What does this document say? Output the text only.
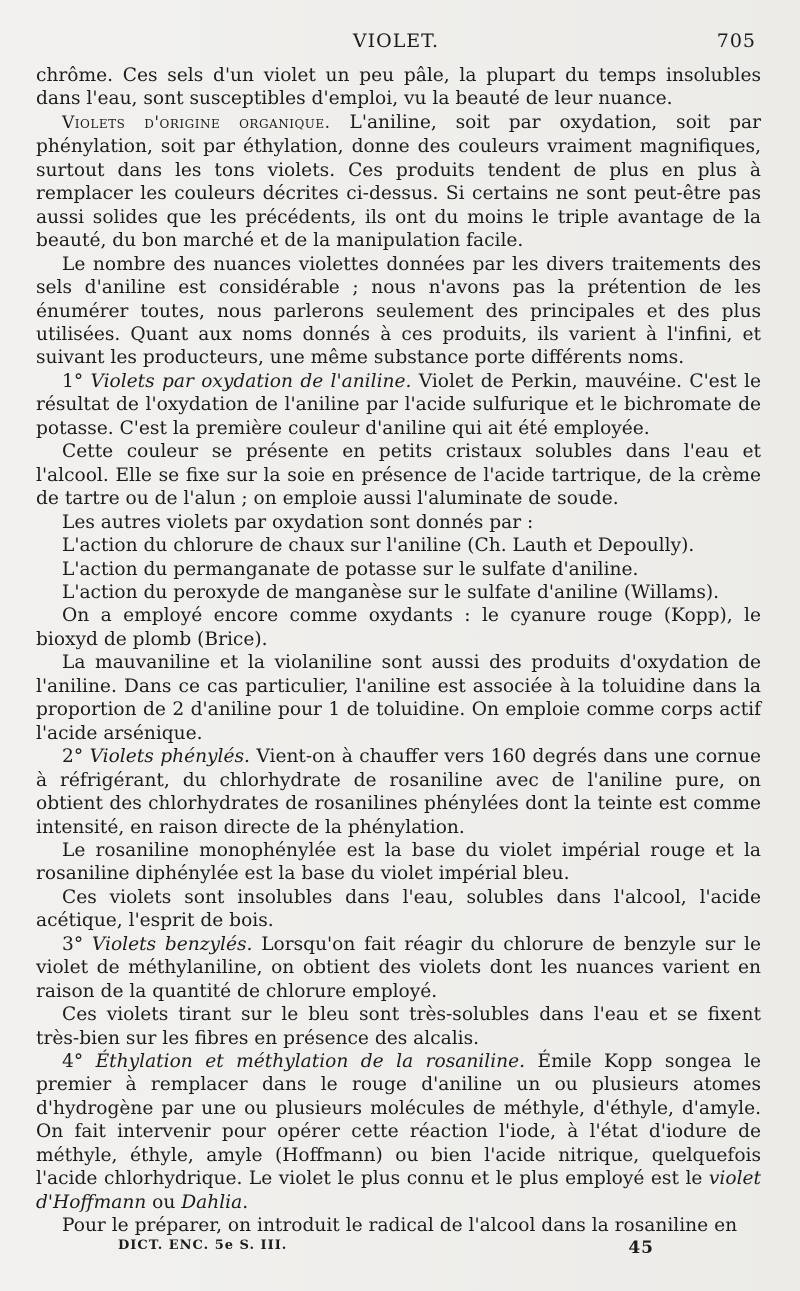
VIOLET.	705

chrôme. Ces sels d'un violet un peu pâle, la plupart du temps insolubles dans l'eau, sont susceptibles d'emploi, vu la beauté de leur nuance.

Violets d'origine organique. L'aniline, soit par oxydation, soit par phénylation, soit par éthylation, donne des couleurs vraiment magnifiques, surtout dans les tons violets. Ces produits tendent de plus en plus à remplacer les couleurs décrites ci-dessus. Si certains ne sont peut-être pas aussi solides que les précédents, ils ont du moins le triple avantage de la beauté, du bon marché et de la manipulation facile.

Le nombre des nuances violettes données par les divers traitements des sels d'aniline est considérable ; nous n'avons pas la prétention de les énumérer toutes, nous parlerons seulement des principales et des plus utilisées. Quant aux noms donnés à ces produits, ils varient à l'infini, et suivant les producteurs, une même substance porte différents noms.

1° Violets par oxydation de l'aniline. Violet de Perkin, mauvéine. C'est le résultat de l'oxydation de l'aniline par l'acide sulfurique et le bichromate de potasse. C'est la première couleur d'aniline qui ait été employée.

Cette couleur se présente en petits cristaux solubles dans l'eau et l'alcool. Elle se fixe sur la soie en présence de l'acide tartrique, de la crème de tartre ou de l'alun ; on emploie aussi l'aluminate de soude.

Les autres violets par oxydation sont donnés par :

L'action du chlorure de chaux sur l'aniline (Ch. Lauth et Depoully).

L'action du permanganate de potasse sur le sulfate d'aniline.

L'action du peroxyde de manganèse sur le sulfate d'aniline (Willams).

On a employé encore comme oxydants : le cyanure rouge (Kopp), le bioxyd de plomb (Brice).

La mauvaniline et la violaniline sont aussi des produits d'oxydation de l'aniline. Dans ce cas particulier, l'aniline est associée à la toluidine dans la proportion de 2 d'aniline pour 1 de toluidine. On emploie comme corps actif l'acide arsénique.

2° Violets phénylés. Vient-on à chauffer vers 160 degrés dans une cornue à réfrigérant, du chlorhydrate de rosaniline avec de l'aniline pure, on obtient des chlorhydrates de rosanilines phénylées dont la teinte est comme intensité, en raison directe de la phénylation.

Le rosaniline monophénylée est la base du violet impérial rouge et la rosaniline diphénylée est la base du violet impérial bleu.

Ces violets sont insolubles dans l'eau, solubles dans l'alcool, l'acide acétique, l'esprit de bois.

3° Violets benzylés. Lorsqu'on fait réagir du chlorure de benzyle sur le violet de méthylaniline, on obtient des violets dont les nuances varient en raison de la quantité de chlorure employé.

Ces violets tirant sur le bleu sont très-solubles dans l'eau et se fixent très-bien sur les fibres en présence des alcalis.

4° Éthylation et méthylation de la rosaniline. Émile Kopp songea le premier à remplacer dans le rouge d'aniline un ou plusieurs atomes d'hydrogène par une ou plusieurs molécules de méthyle, d'éthyle, d'amyle. On fait intervenir pour opérer cette réaction l'iode, à l'état d'iodure de méthyle, éthyle, amyle (Hoffmann) ou bien l'acide nitrique, quelquefois l'acide chlorhydrique. Le violet le plus connu et le plus employé est le violet d'Hoffmann ou Dahlia.

Pour le préparer, on introduit le radical de l'alcool dans la rosaniline en

DICT. ENC. 5e S. III.	45
